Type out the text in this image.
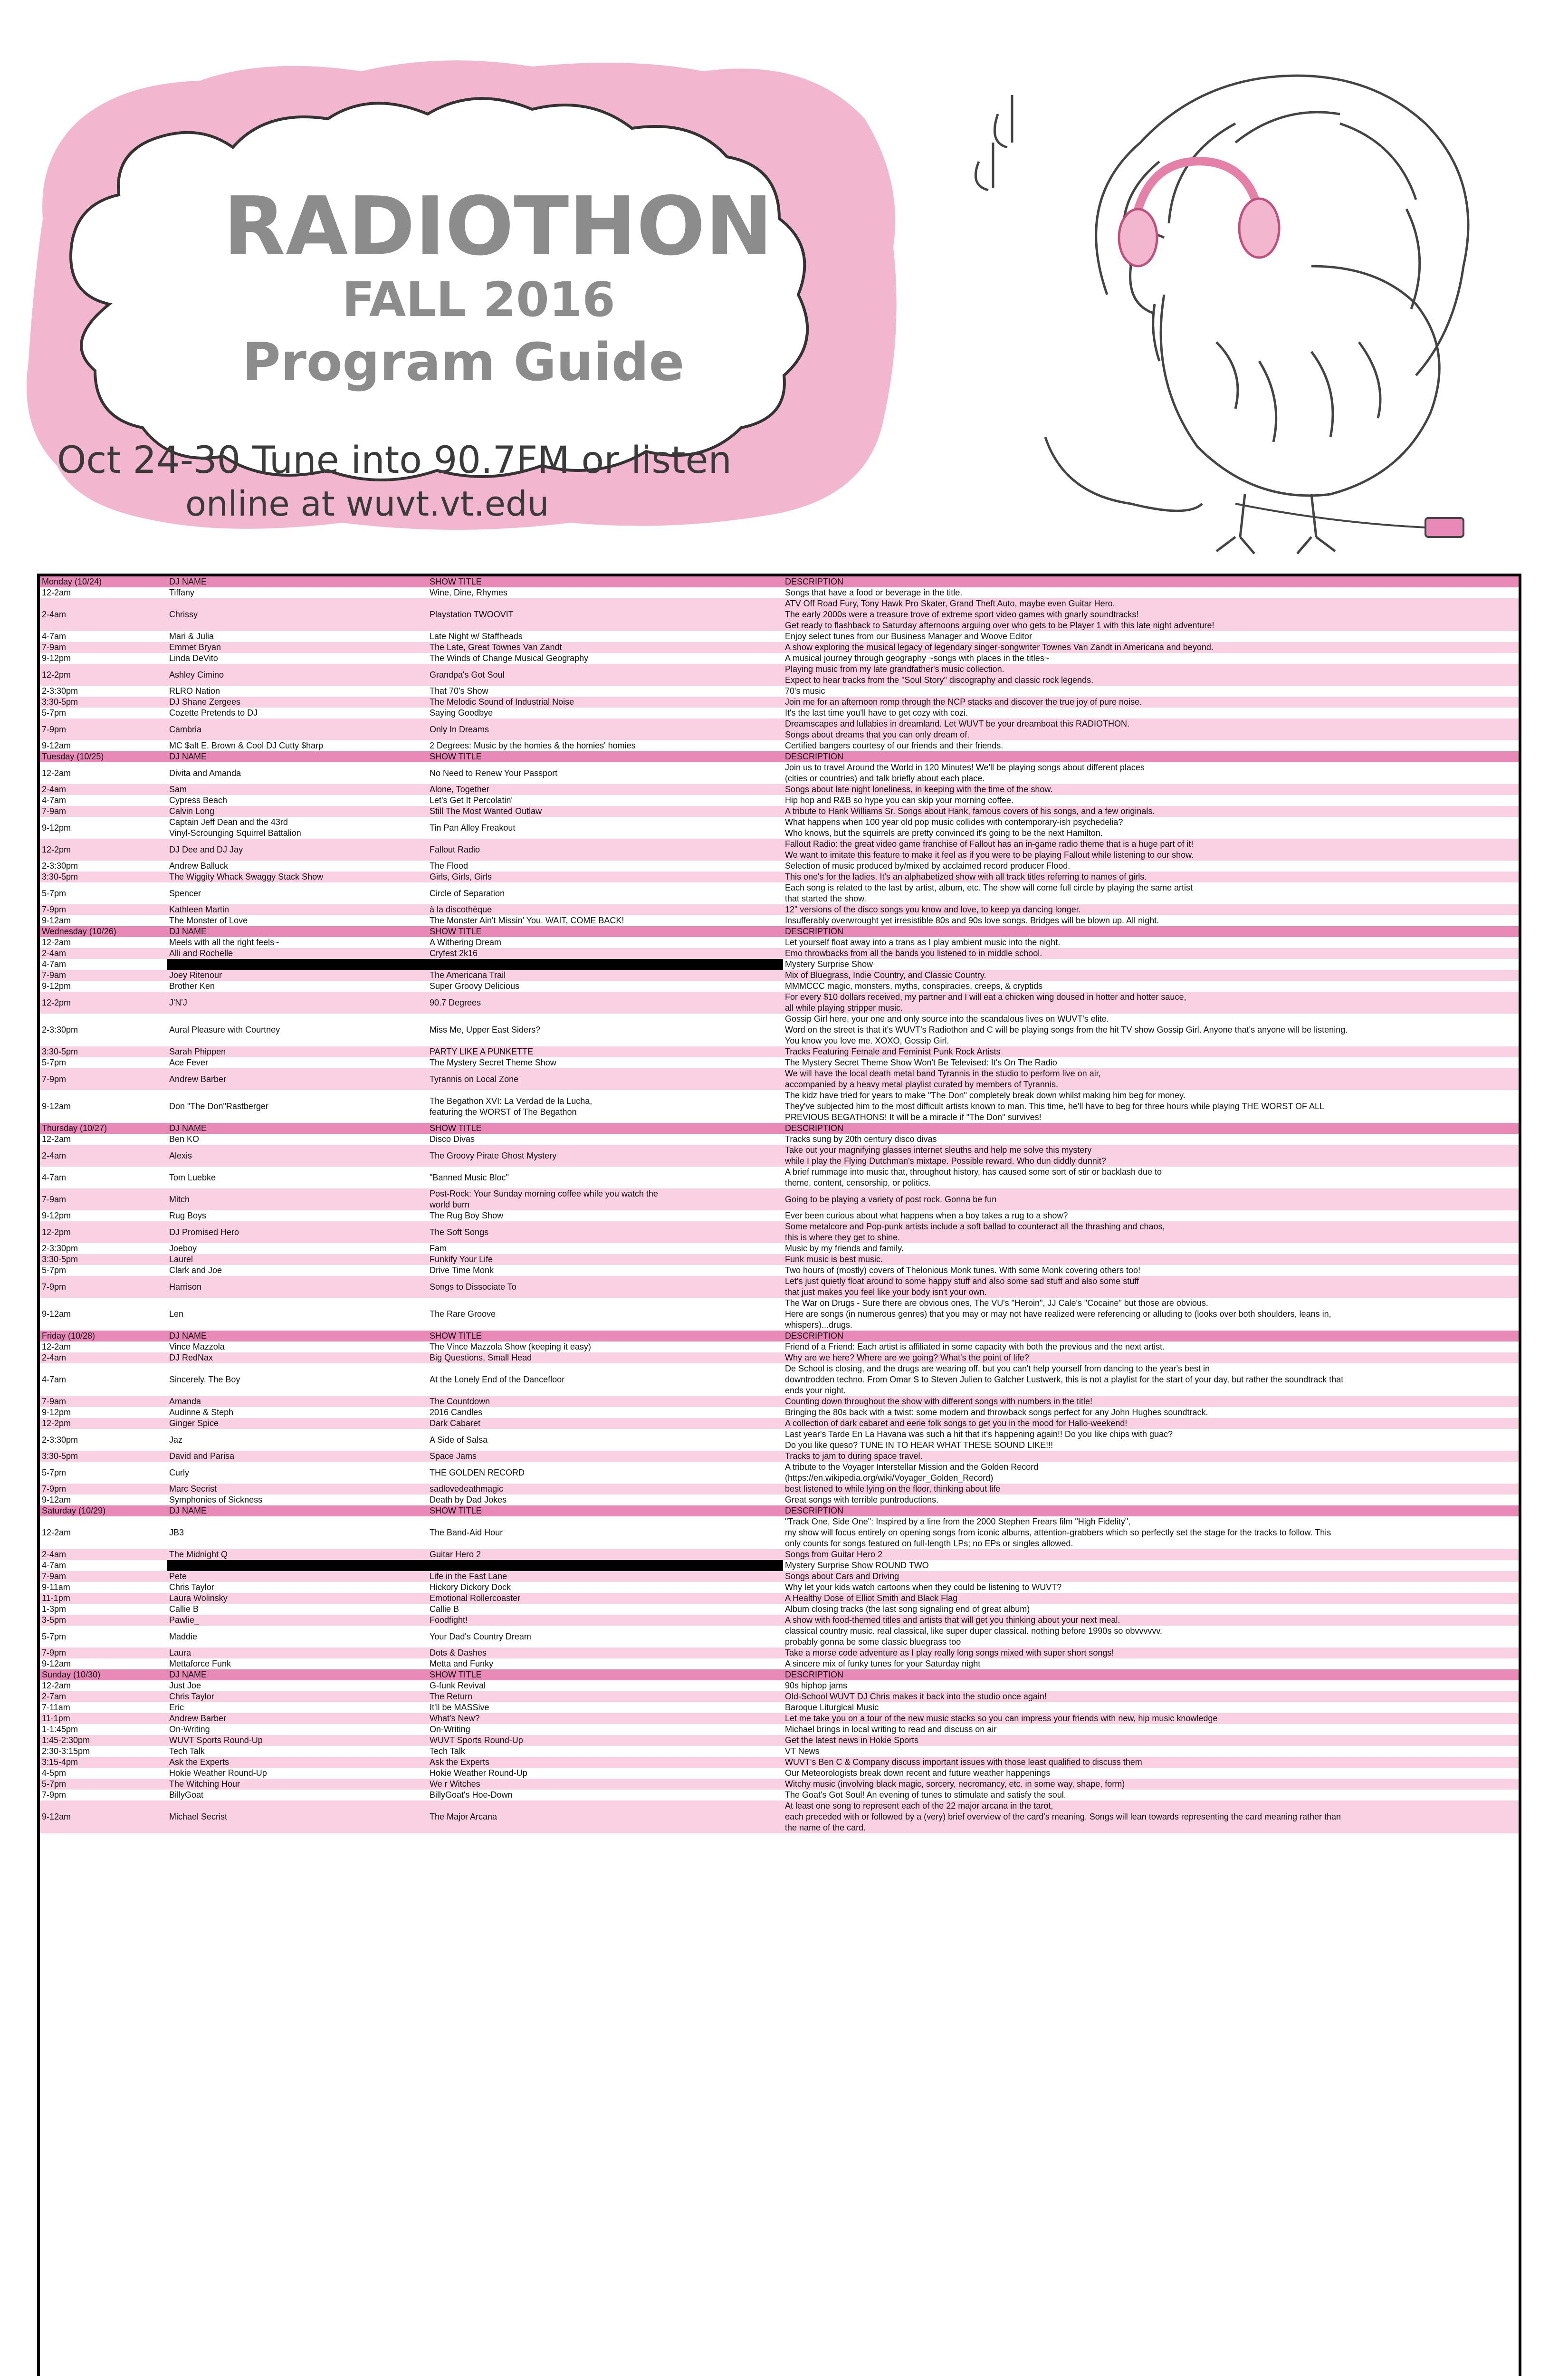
RADIOTHON
FALL 2016
Program Guide
Oct 24-30 Tune into 90.7FM or listen
online at wuvt.vt.edu
Monday (10/24)	DJ NAME	SHOW TITLE	DESCRIPTION
12-2am	Tiffany	Wine, Dine, Rhymes	Songs that have a food or beverage in the title.
2-4am	Chrissy	Playstation TWOOVIT	ATV Off Road Fury, Tony Hawk Pro Skater, Grand Theft Auto, maybe even Guitar Hero.
The early 2000s were a treasure trove of extreme sport video games with gnarly soundtracks!
Get ready to flashback to Saturday afternoons arguing over who gets to be Player 1 with this late night adventure!
4-7am	Mari & Julia	Late Night w/ Staffheads	Enjoy select tunes from our Business Manager and Woove Editor
7-9am	Emmet Bryan	The Late, Great Townes Van Zandt	A show exploring the musical legacy of legendary singer-songwriter Townes Van Zandt in Americana and beyond.
9-12pm	Linda DeVito	The Winds of Change Musical Geography	A musical journey through geography ~songs with places in the titles~
12-2pm	Ashley Cimino	Grandpa's Got Soul	Playing music from my late grandfather's music collection.
Expect to hear tracks from the "Soul Story" discography and classic rock legends.
2-3:30pm	RLRO Nation	That 70's Show	70's music
3:30-5pm	DJ Shane Zergees	The Melodic Sound of Industrial Noise	Join me for an afternoon romp through the NCP stacks and discover the true joy of pure noise.
5-7pm	Cozette Pretends to DJ	Saying Goodbye	It's the last time you'll have to get cozy with cozi.
7-9pm	Cambria	Only In Dreams	Dreamscapes and lullabies in dreamland. Let WUVT be your dreamboat this RADIOTHON.
Songs about dreams that you can only dream of.
9-12am	MC $alt E. Brown & Cool DJ Cutty $harp	2 Degrees: Music by the homies & the homies' homies	Certified bangers courtesy of our friends and their friends.
Tuesday (10/25)	DJ NAME	SHOW TITLE	DESCRIPTION
12-2am	Divita and Amanda	No Need to Renew Your Passport	Join us to travel Around the World in 120 Minutes! We'll be playing songs about different places
(cities or countries) and talk briefly about each place.
2-4am	Sam	Alone, Together	Songs about late night loneliness, in keeping with the time of the show.
4-7am	Cypress Beach	Let's Get It Percolatin'	Hip hop and R&B so hype you can skip your morning coffee.
7-9am	Calvin Long	Still The Most Wanted Outlaw	A tribute to Hank Williams Sr. Songs about Hank, famous covers of his songs, and a few originals.
9-12pm	Captain Jeff Dean and the 43rd
Vinyl-Scrounging Squirrel Battalion	Tin Pan Alley Freakout	What happens when 100 year old pop music collides with contemporary-ish psychedelia?
Who knows, but the squirrels are pretty convinced it's going to be the next Hamilton.
12-2pm	DJ Dee and DJ Jay	Fallout Radio	Fallout Radio: the great video game franchise of Fallout has an in-game radio theme that is a huge part of it!
We want to imitate this feature to make it feel as if you were to be playing Fallout while listening to our show.
2-3:30pm	Andrew Balluck	The Flood	Selection of music produced by/mixed by acclaimed record producer Flood.
3:30-5pm	The Wiggity Whack Swaggy Stack Show	Girls, Girls, Girls	This one's for the ladies. It's an alphabetized show with all track titles referring to names of girls.
5-7pm	Spencer	Circle of Separation	Each song is related to the last by artist, album, etc. The show will come full circle by playing the same artist
that started the show.
7-9pm	Kathleen Martin	à la discothèque	12" versions of the disco songs you know and love, to keep ya dancing longer.
9-12am	The Monster of Love	The Monster Ain't Missin' You. WAIT, COME BACK!	Insufferably overwrought yet irresistible 80s and 90s love songs. Bridges will be blown up. All night.
Wednesday (10/26)	DJ NAME	SHOW TITLE	DESCRIPTION
12-2am	Meels with all the right feels~	A Withering Dream	Let yourself float away into a trans as I play ambient music into the night.
2-4am	Alli and Rochelle	Cryfest 2k16	Emo throwbacks from all the bands you listened to in middle school.
4-7am			Mystery Surprise Show
7-9am	Joey Ritenour	The Americana Trail	Mix of Bluegrass, Indie Country, and Classic Country.
9-12pm	Brother Ken	Super Groovy Delicious	MMMCCC magic, monsters, myths, conspiracies, creeps, & cryptids
12-2pm	J'N'J	90.7 Degrees	For every $10 dollars received, my partner and I will eat a chicken wing doused in hotter and hotter sauce,
all while playing stripper music.
2-3:30pm	Aural Pleasure with Courtney	Miss Me, Upper East Siders?	Gossip Girl here, your one and only source into the scandalous lives on WUVT's elite.
Word on the street is that it's WUVT's Radiothon and C will be playing songs from the hit TV show Gossip Girl. Anyone that's anyone will be listening.
You know you love me. XOXO, Gossip Girl.
3:30-5pm	Sarah Phippen	PARTY LIKE A PUNKETTE	Tracks Featuring Female and Feminist Punk Rock Artists
5-7pm	Ace Fever	The Mystery Secret Theme Show	The Mystery Secret Theme Show Won't Be Televised: It's On The Radio
7-9pm	Andrew Barber	Tyrannis on Local Zone	We will have the local death metal band Tyrannis in the studio to perform live on air,
accompanied by a heavy metal playlist curated by members of Tyrannis.
9-12am	Don "The Don"Rastberger	The Begathon XVI: La Verdad de la Lucha,
featuring the WORST of The Begathon	The kidz have tried for years to make "The Don" completely break down whilst making him beg for money.
They've subjected him to the most difficult artists known to man. This time, he'll have to beg for three hours while playing THE WORST OF ALL
PREVIOUS BEGATHONS! It will be a miracle if "The Don" survives!
Thursday (10/27)	DJ NAME	SHOW TITLE	DESCRIPTION
12-2am	Ben KO	Disco Divas	Tracks sung by 20th century disco divas
2-4am	Alexis	The Groovy Pirate Ghost Mystery	Take out your magnifying glasses internet sleuths and help me solve this mystery
while I play the Flying Dutchman's mixtape. Possible reward. Who dun diddly dunnit?
4-7am	Tom Luebke	"Banned Music Bloc"	A brief rummage into music that, throughout history, has caused some sort of stir or backlash due to
theme, content, censorship, or politics.
7-9am	Mitch	Post-Rock: Your Sunday morning coffee while you watch the
world burn	Going to be playing a variety of post rock. Gonna be fun
9-12pm	Rug Boys	The Rug Boy Show	Ever been curious about what happens when a boy takes a rug to a show?
12-2pm	DJ Promised Hero	The Soft Songs	Some metalcore and Pop-punk artists include a soft ballad to counteract all the thrashing and chaos,
this is where they get to shine.
2-3:30pm	Joeboy	Fam	Music by my friends and family.
3:30-5pm	Laurel	Funkify Your Life	Funk music is best music.
5-7pm	Clark and Joe	Drive Time Monk	Two hours of (mostly) covers of Thelonious Monk tunes. With some Monk covering others too!
7-9pm	Harrison	Songs to Dissociate To	Let's just quietly float around to some happy stuff and also some sad stuff and also some stuff
that just makes you feel like your body isn't your own.
9-12am	Len	The Rare Groove	The War on Drugs - Sure there are obvious ones, The VU's "Heroin", JJ Cale's "Cocaine" but those are obvious.
Here are songs (in numerous genres) that you may or may not have realized were referencing or alluding to (looks over both shoulders, leans in,
whispers)...drugs.
Friday (10/28)	DJ NAME	SHOW TITLE	DESCRIPTION
12-2am	Vince Mazzola	The Vince Mazzola Show (keeping it easy)	Friend of a Friend: Each artist is affiliated in some capacity with both the previous and the next artist.
2-4am	DJ RedNax	Big Questions, Small Head	Why are we here? Where are we going? What's the point of life?
4-7am	Sincerely, The Boy	At the Lonely End of the Dancefloor	De School is closing, and the drugs are wearing off, but you can't help yourself from dancing to the year's best in
downtrodden techno. From Omar S to Steven Julien to Galcher Lustwerk, this is not a playlist for the start of your day, but rather the soundtrack that
ends your night.
7-9am	Amanda	The Countdown	Counting down throughout the show with different songs with numbers in the title!
9-12pm	Audinne & Steph	2016 Candles	Bringing the 80s back with a twist: some modern and throwback songs perfect for any John Hughes soundtrack.
12-2pm	Ginger Spice	Dark Cabaret	A collection of dark cabaret and eerie folk songs to get you in the mood for Hallo-weekend!
2-3:30pm	Jaz	A Side of Salsa	Last year's Tarde En La Havana was such a hit that it's happening again!! Do you like chips with guac?
Do you like queso? TUNE IN TO HEAR WHAT THESE SOUND LIKE!!!
3:30-5pm	David and Parisa	Space Jams	Tracks to jam to during space travel.
5-7pm	Curly	THE GOLDEN RECORD	A tribute to the Voyager Interstellar Mission and the Golden Record
(https://en.wikipedia.org/wiki/Voyager_Golden_Record)
7-9pm	Marc Secrist	sadlovedeathmagic	best listened to while lying on the floor, thinking about life
9-12am	Symphonies of Sickness	Death by Dad Jokes	Great songs with terrible puntroductions.
Saturday (10/29)	DJ NAME	SHOW TITLE	DESCRIPTION
12-2am	JB3	The Band-Aid Hour	"Track One, Side One": Inspired by a line from the 2000 Stephen Frears film "High Fidelity",
my show will focus entirely on opening songs from iconic albums, attention-grabbers which so perfectly set the stage for the tracks to follow. This
only counts for songs featured on full-length LPs; no EPs or singles allowed.
2-4am	The Midnight Q	Guitar Hero 2	Songs from Guitar Hero 2
4-7am			Mystery Surprise Show ROUND TWO
7-9am	Pete	Life in the Fast Lane	Songs about Cars and Driving
9-11am	Chris Taylor	Hickory Dickory Dock	Why let your kids watch cartoons when they could be listening to WUVT?
11-1pm	Laura Wolinsky	Emotional Rollercoaster	A Healthy Dose of Elliot Smith and Black Flag
1-3pm	Callie B	Callie B	Album closing tracks (the last song signaling end of great album)
3-5pm	Pawlie_	Foodfight!	A show with food-themed titles and artists that will get you thinking about your next meal.
5-7pm	Maddie	Your Dad's Country Dream	classical country music. real classical, like super duper classical. nothing before 1990s so obvvvvvv.
probably gonna be some classic bluegrass too
7-9pm	Laura	Dots & Dashes	Take a morse code adventure as I play really long songs mixed with super short songs!
9-12am	Mettaforce Funk	Metta and Funky	A sincere mix of funky tunes for your Saturday night
Sunday (10/30)	DJ NAME	SHOW TITLE	DESCRIPTION
12-2am	Just Joe	G-funk Revival	90s hiphop jams
2-7am	Chris Taylor	The Return	Old-School WUVT DJ Chris makes it back into the studio once again!
7-11am	Eric	It'll be MASSive	Baroque Liturgical Music
11-1pm	Andrew Barber	What's New?	Let me take you on a tour of the new music stacks so you can impress your friends with new, hip music knowledge
1-1:45pm	On-Writing	On-Writing	Michael brings in local writing to read and discuss on air
1:45-2:30pm	WUVT Sports Round-Up	WUVT Sports Round-Up	Get the latest news in Hokie Sports
2:30-3:15pm	Tech Talk	Tech Talk	VT News
3:15-4pm	Ask the Experts	Ask the Experts	WUVT's Ben C & Company discuss important issues with those least qualified to discuss them
4-5pm	Hokie Weather Round-Up	Hokie Weather Round-Up	Our Meteorologists break down recent and future weather happenings
5-7pm	The Witching Hour	We r Witches	Witchy music (involving black magic, sorcery, necromancy, etc. in some way, shape, form)
7-9pm	BillyGoat	BillyGoat's Hoe-Down	The Goat's Got Soul! An evening of tunes to stimulate and satisfy the soul.
9-12am	Michael Secrist	The Major Arcana	At least one song to represent each of the 22 major arcana in the tarot,
each preceded with or followed by a (very) brief overview of the card's meaning. Songs will lean towards representing the card meaning rather than
the name of the card.
